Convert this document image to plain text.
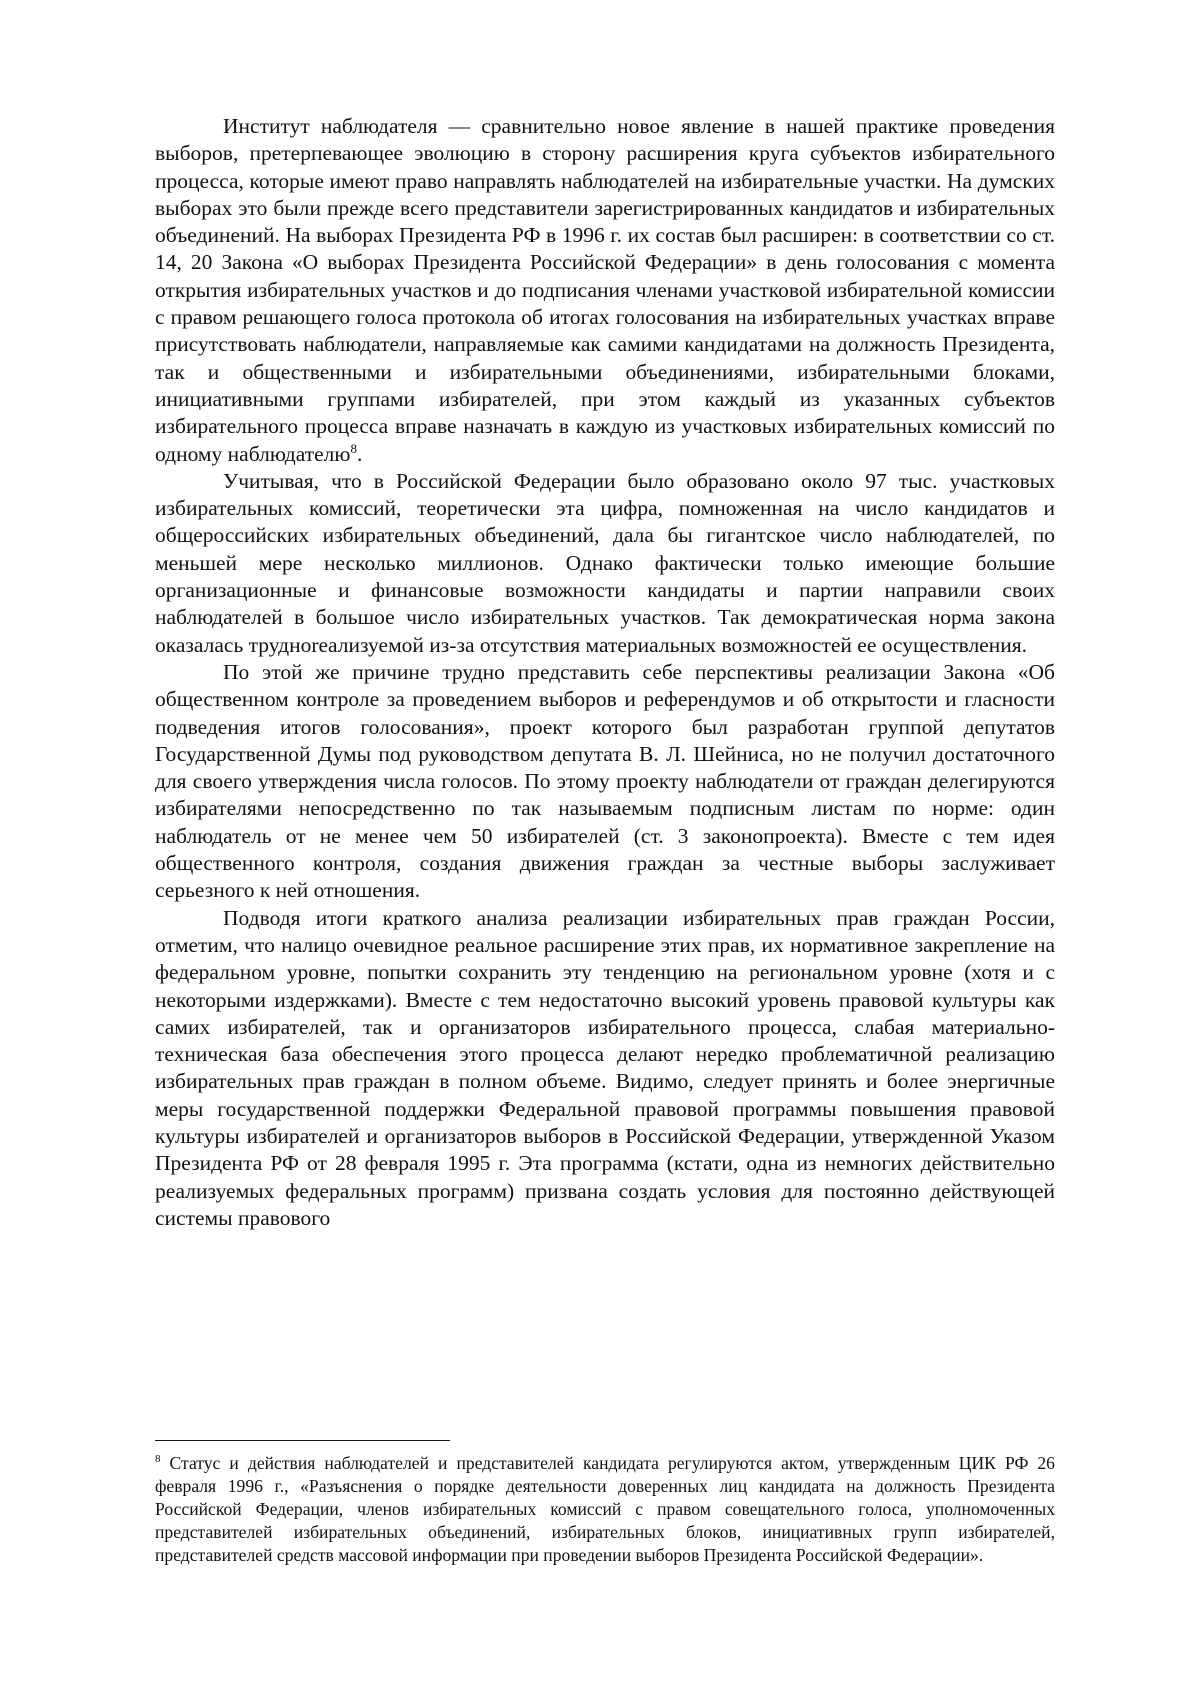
Институт наблюдателя — сравнительно новое явление в нашей практике проведения выборов, претерпевающее эволюцию в сторону расширения круга субъектов избирательного процесса, которые имеют право направлять наблюдателей на избирательные участки. На думских выборах это были прежде всего представители зарегистрированных кандидатов и избирательных объединений. На выборах Президента РФ в 1996 г. их состав был расширен: в соответствии со ст. 14, 20 Закона «О выборах Президента Российской Федерации» в день голосования с момента открытия избирательных участков и до подписания членами участковой избирательной комиссии с правом решающего голоса протокола об итогах голосования на избирательных участках вправе присутствовать наблюдатели, направляемые как самими кандидатами на должность Президента, так и общественными и избирательными объединениями, избирательными блоками, инициативными группами избирателей, при этом каждый из указанных субъектов избирательного процесса вправе назначать в каждую из участковых избирательных комиссий по одному наблюдателю8.

Учитывая, что в Российской Федерации было образовано около 97 тыс. участковых избирательных комиссий, теоретически эта цифра, помноженная на число кандидатов и общероссийских избирательных объединений, дала бы гигантское число наблюдателей, по меньшей мере несколько миллионов. Однако фактически только имеющие большие организационные и финансовые возможности кандидаты и партии направили своих наблюдателей в большое число избирательных участков. Так демократическая норма закона оказалась трудноreализуемой из-за отсутствия материальных возможностей ее осуществления.

По этой же причине трудно представить себе перспективы реализации Закона «Об общественном контроле за проведением выборов и референдумов и об открытости и гласности подведения итогов голосования», проект которого был разработан группой депутатов Государственной Думы под руководством депутата В. Л. Шейниса, но не получил достаточного для своего утверждения числа голосов. По этому проекту наблюдатели от граждан делегируются избирателями непосредственно по так называемым подписным листам по норме: один наблюдатель от не менее чем 50 избирателей (ст. 3 законопроекта). Вместе с тем идея общественного контроля, создания движения граждан за честные выборы заслуживает серьезного к ней отношения.

Подводя итоги краткого анализа реализации избирательных прав граждан России, отметим, что налицо очевидное реальное расширение этих прав, их нормативное закрепление на федеральном уровне, попытки сохранить эту тенденцию на региональном уровне (хотя и с некоторыми издержками). Вместе с тем недостаточно высокий уровень правовой культуры как самих избирателей, так и организаторов избирательного процесса, слабая материально-техническая база обеспечения этого процесса делают нередко проблематичной реализацию избирательных прав граждан в полном объеме. Видимо, следует принять и более энергичные меры государственной поддержки Федеральной правовой программы повышения правовой культуры избирателей и организаторов выборов в Российской Федерации, утвержденной Указом Президента РФ от 28 февраля 1995 г. Эта программа (кстати, одна из немногих действительно реализуемых федеральных программ) призвана создать условия для постоянно действующей системы правового

8 Статус и действия наблюдателей и представителей кандидата регулируются актом, утвержденным ЦИК РФ 26 февраля 1996 г., «Разъяснения о порядке деятельности доверенных лиц кандидата на должность Президента Российской Федерации, членов избирательных комиссий с правом совещательного голоса, уполномоченных представителей избирательных объединений, избирательных блоков, инициативных групп избирателей, представителей средств массовой информации при проведении выборов Президента Российской Федерации».
